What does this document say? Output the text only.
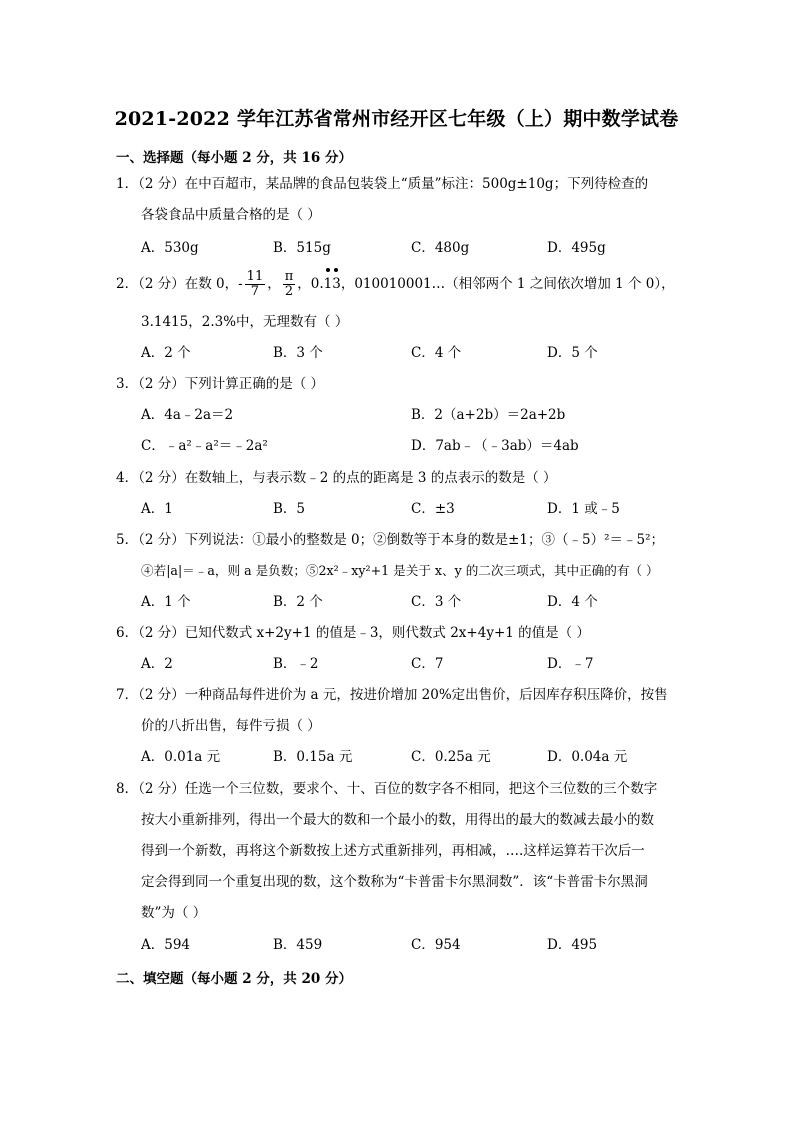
2021-2022 学年江苏省常州市经开区七年级（上）期中数学试卷
一、选择题（每小题 2 分，共 16 分）
1．（2 分）在中百超市，某品牌的食品包装袋上“质量”标注：500g±10g；下列待检查的
各袋食品中质量合格的是（ ）
A．530g	B．515g	C．480g	D．495g
2．（2 分）在数 0，- $\frac{11}{7}$ ， $\frac{\pi}{2}$ ，0.
13，010010001…（相邻两个 1 之间依次增加 1 个 0），
3.1415，2.3%中，无理数有（ ）
A．2 个	B．3 个	C．4 个	D．5 个
3．（2 分）下列计算正确的是（ ）
A．4a﹣2a＝2	B．2（a+2b）＝2a+2b
C．﹣a²﹣a²＝﹣2a²	D．7ab﹣（﹣3ab）＝4ab
4．（2 分）在数轴上，与表示数﹣2 的点的距离是 3 的点表示的数是（ ）
A．1	B．5	C．±3	D．1 或﹣5
5．（2 分）下列说法：①最小的整数是 0；②倒数等于本身的数是±1；③（﹣5）²＝﹣5²；
④若|a|＝﹣a，则 a 是负数；⑤2x²﹣xy²+1 是关于 x、y 的二次三项式，其中正确的有（ ）
A．1 个	B．2 个	C．3 个	D．4 个
6．（2 分）已知代数式 x+2y+1 的值是﹣3，则代数式 2x+4y+1 的值是（ ）
A．2	B．﹣2	C．7	D．﹣7
7．（2 分）一种商品每件进价为 a 元，按进价增加 20%定出售价，后因库存积压降价，按售
价的八折出售，每件亏损（ ）
A．0.01a 元	B．0.15a 元	C．0.25a 元	D．0.04a 元
8．（2 分）任选一个三位数，要求个、十、百位的数字各不相同，把这个三位数的三个数字
按大小重新排列，得出一个最大的数和一个最小的数，用得出的最大的数减去最小的数
得到一个新数，再将这个新数按上述方式重新排列，再相减，….这样运算若干次后一
定会得到同一个重复出现的数，这个数称为“卡普雷卡尔黑洞数”．该“卡普雷卡尔黑洞
数”为（ ）
A．594	B．459	C．954	D．495
二、填空题（每小题 2 分，共 20 分）
